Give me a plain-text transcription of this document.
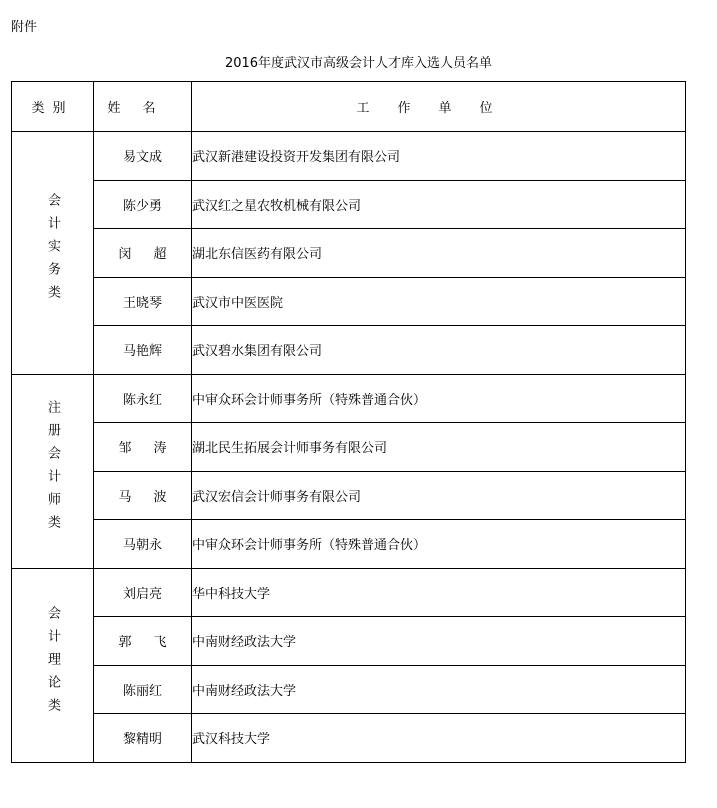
附件
2016年度武汉市高级会计人才库入选人员名单
类别	姓名	工作单位
会计实务类	易文成	武汉新港建设投资开发集团有限公司
	陈少勇	武汉红之星农牧机械有限公司
	闵超	湖北东信医药有限公司
	王晓琴	武汉市中医医院
	马艳辉	武汉碧水集团有限公司
注册会计师类	陈永红	中审众环会计师事务所（特殊普通合伙）
	邹涛	湖北民生拓展会计师事务有限公司
	马波	武汉宏信会计师事务有限公司
	马朝永	中审众环会计师事务所（特殊普通合伙）
会计理论类	刘启亮	华中科技大学
	郭飞	中南财经政法大学
	陈丽红	中南财经政法大学
	黎精明	武汉科技大学
